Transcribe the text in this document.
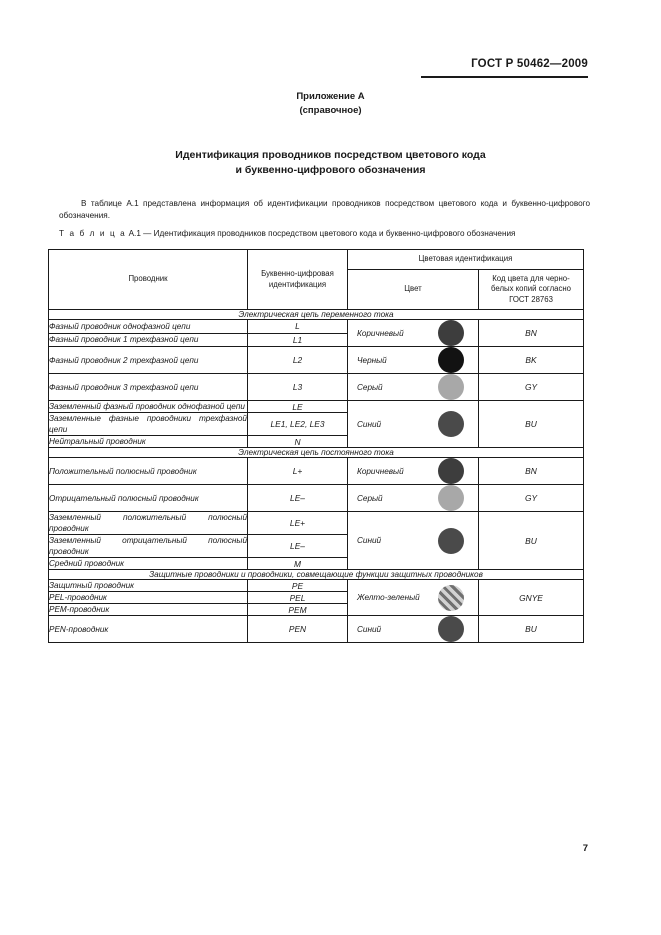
ГОСТ Р 50462—2009
Приложение А
(справочное)
Идентификация проводников посредством цветового кода
и буквенно-цифрового обозначения

В таблице А.1 представлена информация об идентификации проводников посредством цветового кода и буквенно-цифрового обозначения.

Т а б л и ц а А.1 — Идентификация проводников посредством цветового кода и буквенно-цифрового обозначения
Проводник	Буквенно-цифровая идентификация	Цветовая идентификация	
		Цвет	Код цвета для черно-белых копий согласно ГОСТ 28763
Электрическая цепь переменного тока			
Фазный проводник однофазной цепи	L	Коричневый	BN
Фазный проводник 1 трехфазной цепи	L1		
Фазный проводник 2 трехфазной цепи	L2	Черный	BK
Фазный проводник 3 трехфазной цепи	L3	Серый	GY
Заземленный фазный проводник однофазной цепи	LE	Синий	BU
Заземленные фазные проводники трехфазной цепи	LE1, LE2, LE3		
Нейтральный проводник	N		
Электрическая цепь постоянного тока			
Положительный полюсный проводник	L+	Коричневый	BN
Отрицательный полюсный проводник	LE–	Серый	GY
Заземленный положительный полюсный проводник	LE+	Синий	BU
Заземленный отрицательный полюсный проводник	LE–		
Средний проводник	M		
Защитные проводники и проводники, совмещающие функции защитных проводников			
Защитный проводник	PE	Желто-зеленый	GNYE
PEL-проводник	PEL		
PEM-проводник	PEM		
PEN-проводник	PEN	Синий	BU
7
